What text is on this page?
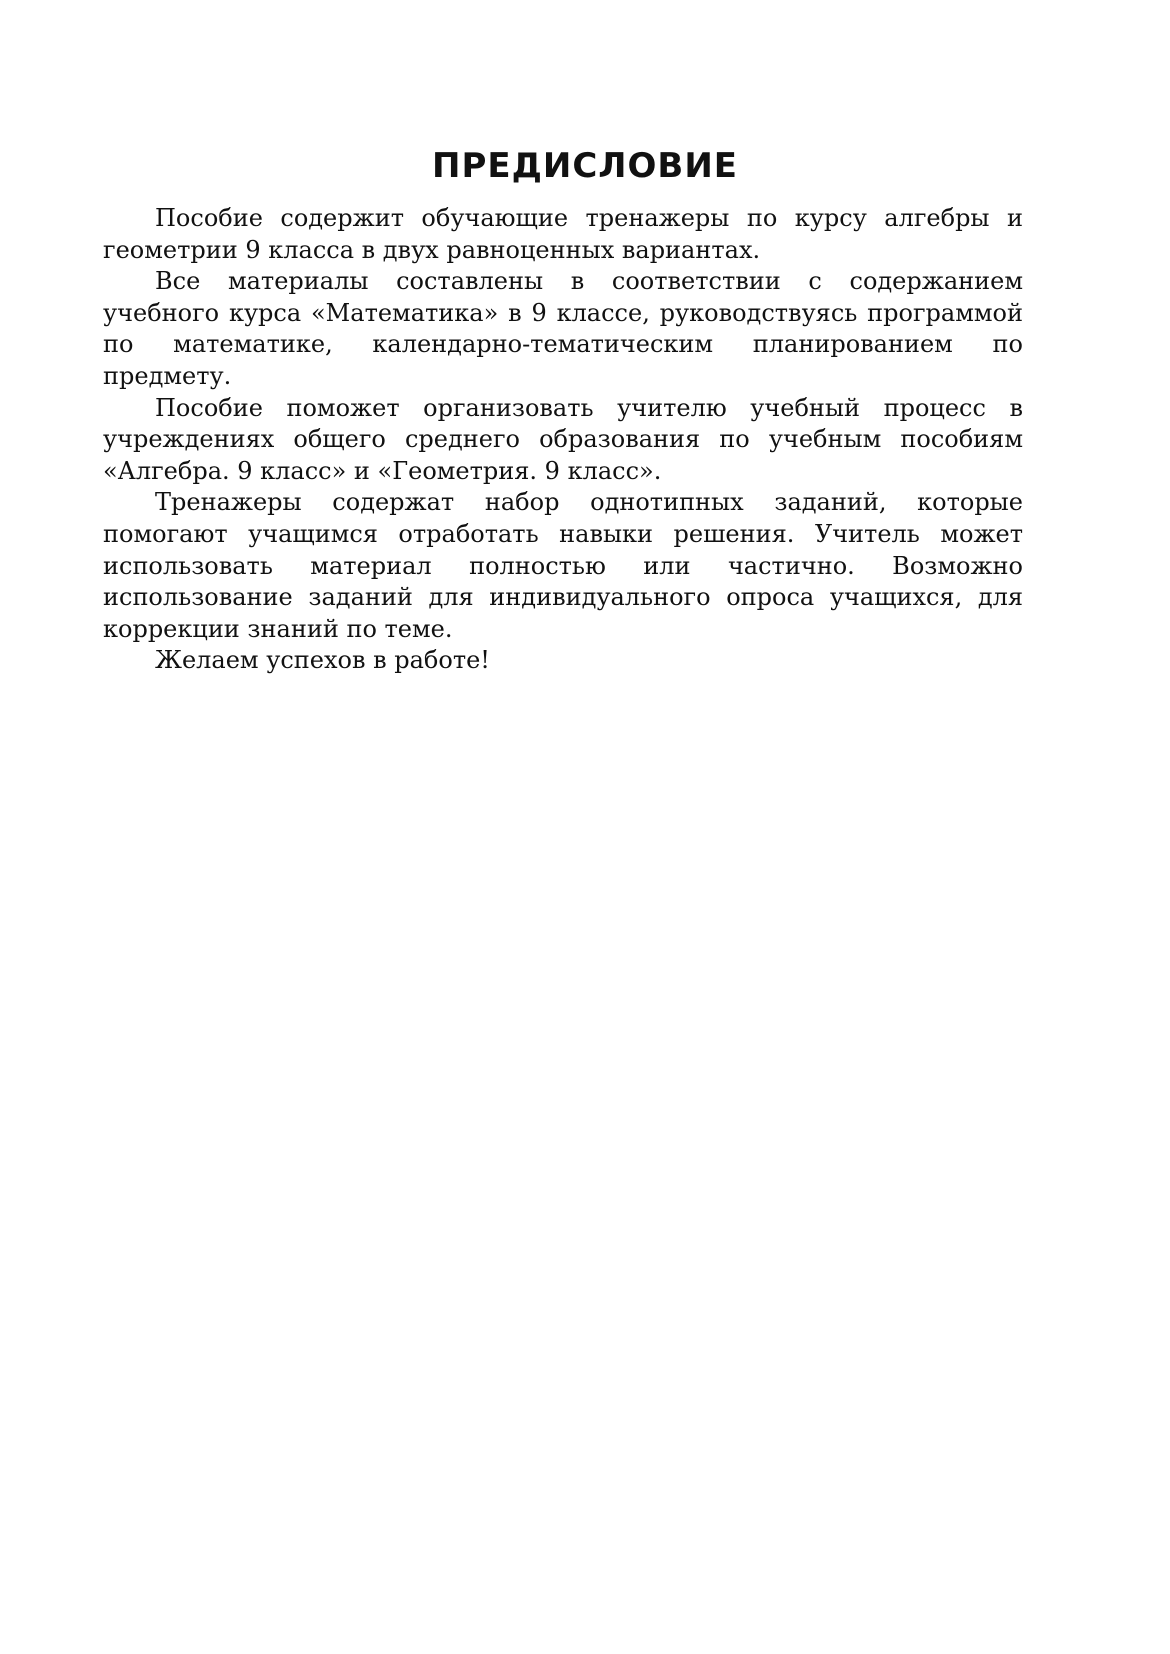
ПРЕДИСЛОВИЕ

Пособие содержит обучающие тренажеры по курсу алгебры и геометрии 9 класса в двух равноценных вариантах.

Все материалы составлены в соответствии с содержанием учебного курса «Математика» в 9 классе, руководствуясь программой по математике, календарно-тематическим планированием по предмету.

Пособие поможет организовать учителю учебный процесс в учреждениях общего среднего образования по учебным пособиям «Алгебра. 9 класс» и «Геометрия. 9 класс».

Тренажеры содержат набор однотипных заданий, которые помогают учащимся отработать навыки решения. Учитель может использовать материал полностью или частично. Возможно использование заданий для индивидуального опроса учащихся, для коррекции знаний по теме.

Желаем успехов в работе!
